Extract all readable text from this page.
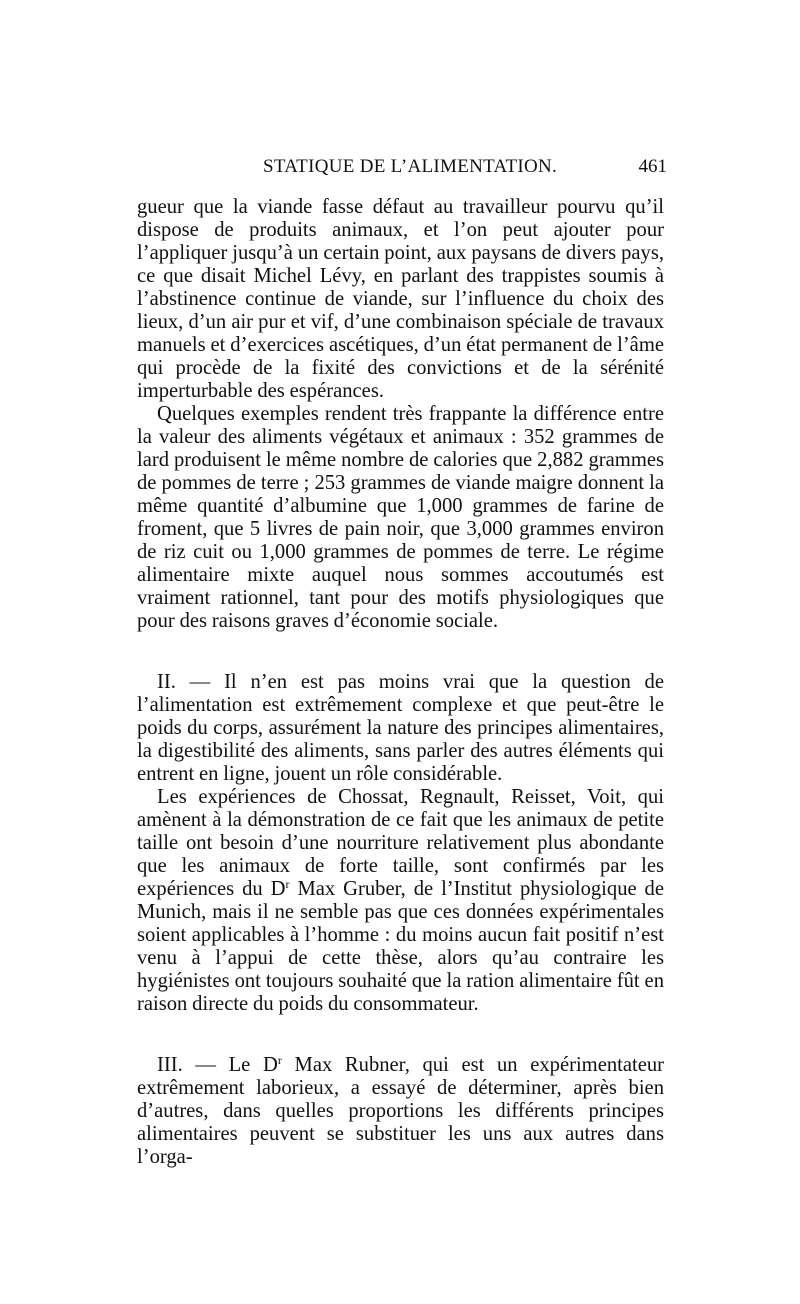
STATIQUE DE L’ALIMENTATION.	461

gueur que la viande fasse défaut au travailleur pourvu qu’il dispose de produits animaux, et l’on peut ajouter pour l’appliquer jusqu’à un certain point, aux paysans de divers pays, ce que disait Michel Lévy, en parlant des trappistes soumis à l’abstinence continue de viande, sur l’influence du choix des lieux, d’un air pur et vif, d’une combinaison spéciale de travaux manuels et d’exercices ascétiques, d’un état permanent de l’âme qui procède de la fixité des convictions et de la sérénité imperturbable des espérances.

Quelques exemples rendent très frappante la différence entre la valeur des aliments végétaux et animaux : 352 grammes de lard produisent le même nombre de calories que 2,882 grammes de pommes de terre ; 253 grammes de viande maigre donnent la même quantité d’albumine que 1,000 grammes de farine de froment, que 5 livres de pain noir, que 3,000 grammes environ de riz cuit ou 1,000 grammes de pommes de terre. Le régime alimentaire mixte auquel nous sommes accoutumés est vraiment rationnel, tant pour des motifs physiologiques que pour des raisons graves d’économie sociale.

II. — Il n’en est pas moins vrai que la question de l’alimentation est extrêmement complexe et que peut-être le poids du corps, assurément la nature des principes alimentaires, la digestibilité des aliments, sans parler des autres éléments qui entrent en ligne, jouent un rôle considérable.

Les expériences de Chossat, Regnault, Reisset, Voit, qui amènent à la démonstration de ce fait que les animaux de petite taille ont besoin d’une nourriture relativement plus abondante que les animaux de forte taille, sont confirmés par les expériences du $D^r$ Max Gruber, de l’Institut physiologique de Munich, mais il ne semble pas que ces données expérimentales soient applicables à l’homme : du moins aucun fait positif n’est venu à l’appui de cette thèse, alors qu’au contraire les hygiénistes ont toujours souhaité que la ration alimentaire fût en raison directe du poids du consommateur.

III. — Le $D^r$ Max Rubner, qui est un expérimentateur extrêmement laborieux, a essayé de déterminer, après bien d’autres, dans quelles proportions les différents principes alimentaires peuvent se substituer les uns aux autres dans l’orga-
